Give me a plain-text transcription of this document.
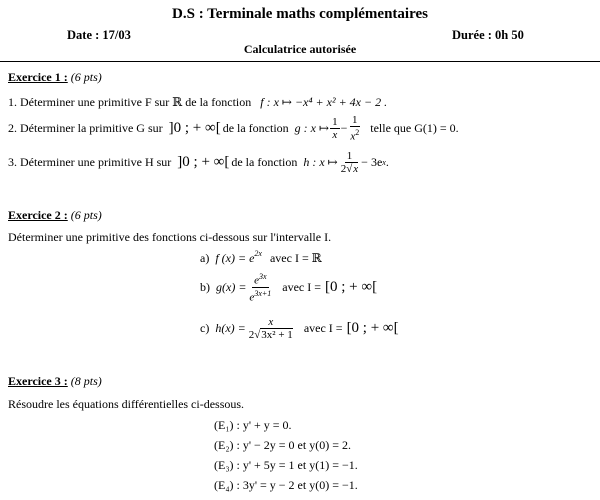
D.S : Terminale maths complémentaires
Date : 17/03	Durée : 0h 50
Calculatrice autorisée
Exercice 1 : (6 pts)
1. Déterminer une primitive F sur ℝ de la fonction f : x ↦ −x⁴ + x² + 4x − 2 .
2. Déterminer la primitive G sur ]0 ; + ∞[ de la fonction g : x ↦ $\frac{1}{x} - \frac{1}{x^2}$ telle que G(1) = 0.
3. Déterminer une primitive H sur ]0 ; + ∞[ de la fonction h : x ↦ $\frac{1}{2√x} - 3e$ x .
Exercice 2 : (6 pts)
Déterminer une primitive des fonctions ci-dessous sur l'intervalle I.
a) f (x) = e $^{2x}$ avec I = ℝ
b) $g(x) = \frac{e^{3x}}{e^{3x+1}}$ avec I = [0 ; + ∞[
c) $h(x) = \frac{x}{\text{2√3x² + 1}}$ avec I = [0 ; + ∞[
Exercice 3 : (8 pts)
Résoudre les équations différentielles ci-dessous.
(E₁) : y' + y = 0.
(E₂) : y' − 2y = 0 et y(0) = 2.
(E₃) : y' + 5y = 1 et y(1) = −1.
(E₄) : 3y' = y − 2 et y(0) = −1.
